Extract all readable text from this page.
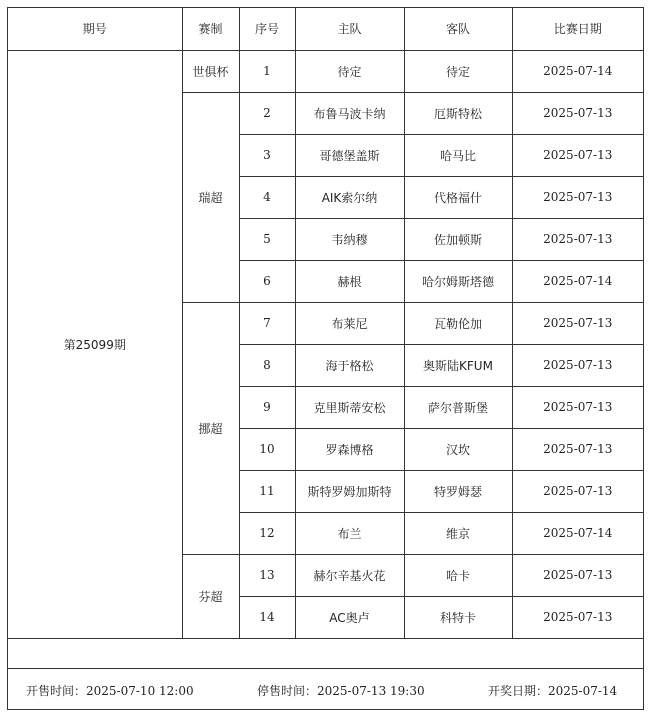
期号	赛制	序号	主队	客队	比赛日期
第25099期	世俱杯	1	待定	待定	2025-07-14
	瑞超	2	布鲁马波卡纳	厄斯特松	2025-07-13
		3	哥德堡盖斯	哈马比	2025-07-13
		4	AIK索尔纳	代格福什	2025-07-13
		5	韦纳穆	佐加顿斯	2025-07-13
		6	赫根	哈尔姆斯塔德	2025-07-14
	挪超	7	布莱尼	瓦勒伦加	2025-07-13
		8	海于格松	奥斯陆KFUM	2025-07-13
		9	克里斯蒂安松	萨尔普斯堡	2025-07-13
		10	罗森博格	汉坎	2025-07-13
		11	斯特罗姆加斯特	特罗姆瑟	2025-07-13
		12	布兰	维京	2025-07-14
	芬超	13	赫尔辛基火花	哈卡	2025-07-13
		14	AC奥卢	科特卡	2025-07-13
开售时间：2025-07-10 12:00	停售时间：2025-07-13 19:30	开奖日期：2025-07-14
